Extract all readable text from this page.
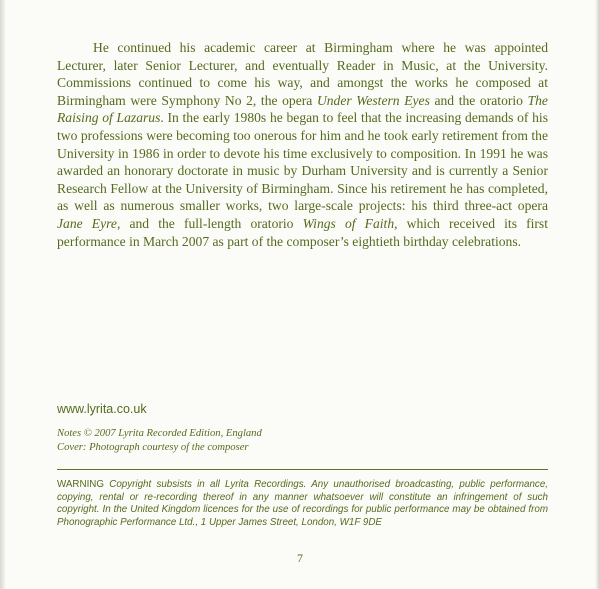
He continued his academic career at Birmingham where he was appointed Lecturer, later Senior Lecturer, and eventually Reader in Music, at the University. Commissions continued to come his way, and amongst the works he composed at Birmingham were Symphony No 2, the opera Under Western Eyes and the oratorio The Raising of Lazarus. In the early 1980s he began to feel that the increasing demands of his two professions were becoming too onerous for him and he took early retirement from the University in 1986 in order to devote his time exclusively to composition. In 1991 he was awarded an honorary doctorate in music by Durham University and is currently a Senior Research Fellow at the University of Birmingham. Since his retirement he has completed, as well as numerous smaller works, two large-scale projects: his third three-act opera Jane Eyre, and the full-length oratorio Wings of Faith, which received its first performance in March 2007 as part of the composer’s eightieth birthday celebrations.

www.lyrita.co.uk
Notes © 2007 Lyrita Recorded Edition, England
Cover: Photograph courtesy of the composer

WARNING Copyright subsists in all Lyrita Recordings. Any unauthorised broadcasting, public performance, copying, rental or re-recording thereof in any manner whatsoever will constitute an infringement of such copyright. In the United Kingdom licences for the use of recordings for public performance may be obtained from Phonographic Performance Ltd., 1 Upper James Street, London, W1F 9DE

7
